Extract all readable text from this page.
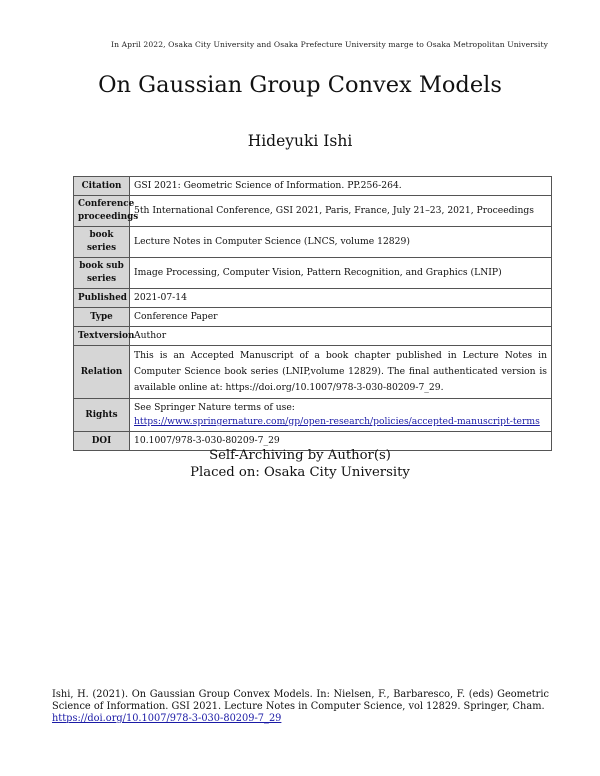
In April 2022, Osaka City University and Osaka Prefecture University marge to Osaka Metropolitan University
On Gaussian Group Convex Models
Hideyuki Ishi
Citation	GSI 2021: Geometric Science of Information. PP.256-264.
Conference proceedings	5th International Conference, GSI 2021, Paris, France, July 21–23, 2021, Proceedings
book series	Lecture Notes in Computer Science (LNCS, volume 12829)
book sub series	Image Processing, Computer Vision, Pattern Recognition, and Graphics (LNIP)
Published	2021-07-14
Type	Conference Paper
Textversion	Author
Relation	This is an Accepted Manuscript of a book chapter published in Lecture Notes in Computer Science book series (LNIP,volume 12829). The final authenticated version is available online at: https://doi.org/10.1007/978-3-030-80209-7_29.
Rights	See Springer Nature terms of use:
https://www.springernature.com/gp/open-research/policies/accepted-manuscript-terms
DOI	10.1007/978-3-030-80209-7_29
Self-Archiving by Author(s)
Placed on: Osaka City University
Ishi, H. (2021). On Gaussian Group Convex Models. In: Nielsen, F., Barbaresco, F. (eds) Geometric Science of Information. GSI 2021. Lecture Notes in Computer Science, vol 12829. Springer, Cham.
https://doi.org/10.1007/978-3-030-80209-7_29
